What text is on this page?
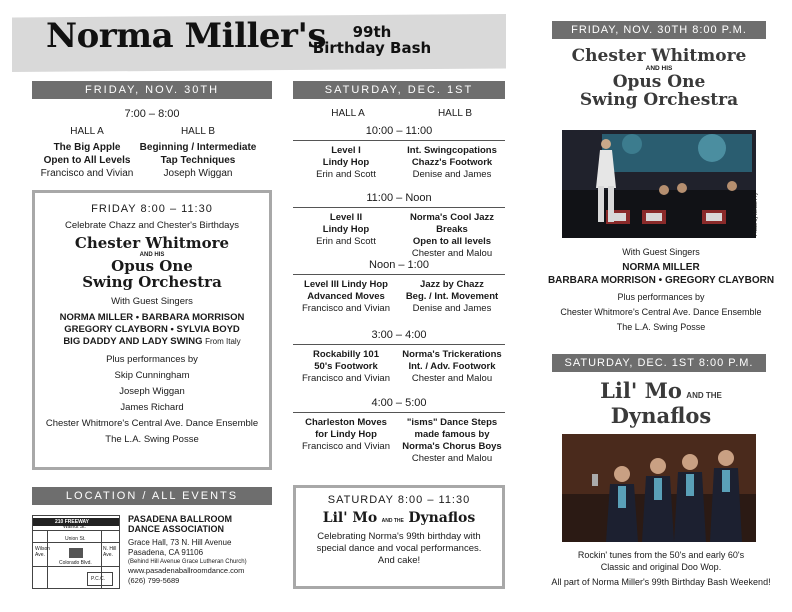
Norma Miller's	99th
Birthday Bash
FRIDAY, NOV. 30TH
7:00 – 8:00
HALL A
The Big Apple
Open to All Levels
Francisco and Vivian
HALL B
Beginning / Intermediate
Tap Techniques
Joseph Wiggan
FRIDAY 8:00 – 11:30
Celebrate Chazz and Chester's Birthdays
Chester Whitmore
AND HIS
Opus One
Swing Orchestra
With Guest Singers
NORMA MILLER • BARBARA MORRISON
GREGORY CLAYBORN • SYLVIA BOYD
BIG DADDY AND LADY SWING From Italy
Plus performances by
Skip Cunningham
Joseph Wiggan
James Richard
Chester Whitmore's Central Ave. Dance Ensemble
The L.A. Swing Posse
LOCATION / ALL EVENTS
210 FREEWAY
Walnut St.
Union St.
Colorado Blvd.
N. Hill Ave.
Wilson Ave.
P.C.C.
PASADENA BALLROOM
DANCE ASSOCIATION
Grace Hall, 73 N. Hill Avenue
Pasadena, CA 91106
(Behind Hill Avenue Grace Lutheran Church)
www.pasadenaballroomdance.com
(626) 799-5689
SATURDAY, DEC. 1ST
HALL A	HALL B
10:00 – 11:00
Level I
Lindy Hop
Erin and Scott
Int. Swingcopations
Chazz's Footwork
Denise and James
11:00 – Noon
Level II
Lindy Hop
Erin and Scott
Norma's Cool Jazz Breaks
Open to all levels
Chester and Malou
Noon – 1:00
Level III Lindy Hop
Advanced Moves
Francisco and Vivian
Jazz by Chazz
Beg. / Int. Movement
Denise and James
3:00 – 4:00
Rockabilly 101
50's Footwork
Francisco and Vivian
Norma's Trickerations
Int. / Adv. Footwork
Chester and Malou
4:00 – 5:00
Charleston Moves
for Lindy Hop
Francisco and Vivian
"isms" Dance Steps
made famous by
Norma's Chorus Boys
Chester and Malou
SATURDAY 8:00 – 11:30
Lil' Mo AND THE Dynaflos
Celebrating Norma's 99th birthday with
special dance and vocal performances.
And cake!
FRIDAY, NOV. 30TH 8:00 P.M.
Chester Whitmore
AND HIS
Opus One
Swing Orchestra
Photo by Minoe Fry
With Guest Singers
NORMA MILLER
BARBARA MORRISON • GREGORY CLAYBORN
Plus performances by
Chester Whitmore's Central Ave. Dance Ensemble
The L.A. Swing Posse
SATURDAY, DEC. 1ST 8:00 P.M.
Lil' Mo AND THE
Dynaflos
Rockin' tunes from the 50's and early 60's
Classic and original Doo Wop.
All part of Norma Miller's 99th Birthday Bash Weekend!
